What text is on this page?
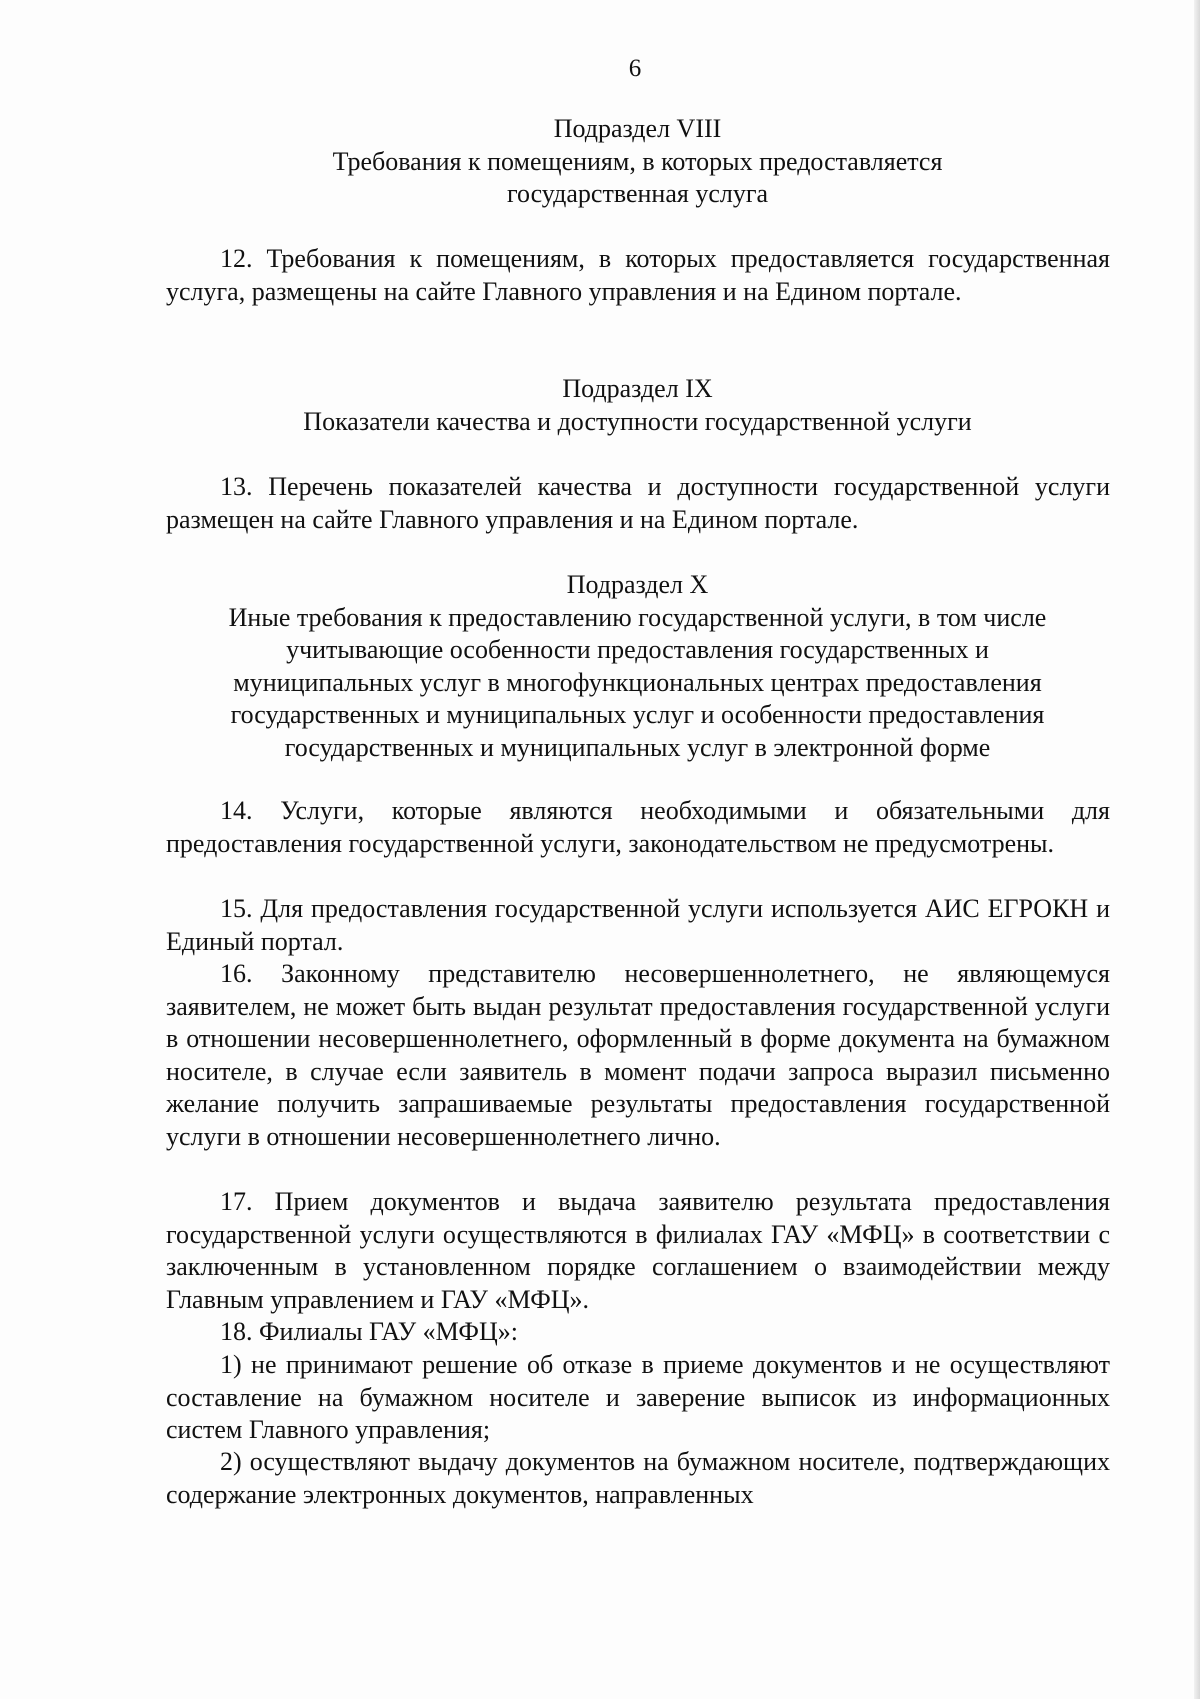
6
Подраздел VIII
Требования к помещениям, в которых предоставляется
государственная услуга

12. Требования к помещениям, в которых предоставляется государственная услуга, размещены на сайте Главного управления и на Едином портале.

Подраздел IX
Показатели качества и доступности государственной услуги

13. Перечень показателей качества и доступности государственной услуги размещен на сайте Главного управления и на Едином портале.

Подраздел X
Иные требования к предоставлению государственной услуги, в том числе
учитывающие особенности предоставления государственных и
муниципальных услуг в многофункциональных центрах предоставления
государственных и муниципальных услуг и особенности предоставления
государственных и муниципальных услуг в электронной форме

14. Услуги, которые являются необходимыми и обязательными для предоставления государственной услуги, законодательством не предусмотрены.

15. Для предоставления государственной услуги используется АИС ЕГРОКН и Единый портал.

16. Законному представителю несовершеннолетнего, не являющемуся заявителем, не может быть выдан результат предоставления государственной услуги в отношении несовершеннолетнего, оформленный в форме документа на бумажном носителе, в случае если заявитель в момент подачи запроса выразил письменно желание получить запрашиваемые результаты предоставления государственной услуги в отношении несовершеннолетнего лично.

17. Прием документов и выдача заявителю результата предоставления государственной услуги осуществляются в филиалах ГАУ «МФЦ» в соответствии с заключенным в установленном порядке соглашением о взаимодействии между Главным управлением и ГАУ «МФЦ».

18. Филиалы ГАУ «МФЦ»:

1) не принимают решение об отказе в приеме документов и не осуществляют составление на бумажном носителе и заверение выписок из информационных систем Главного управления;

2) осуществляют выдачу документов на бумажном носителе, подтверждающих содержание электронных документов, направленных
